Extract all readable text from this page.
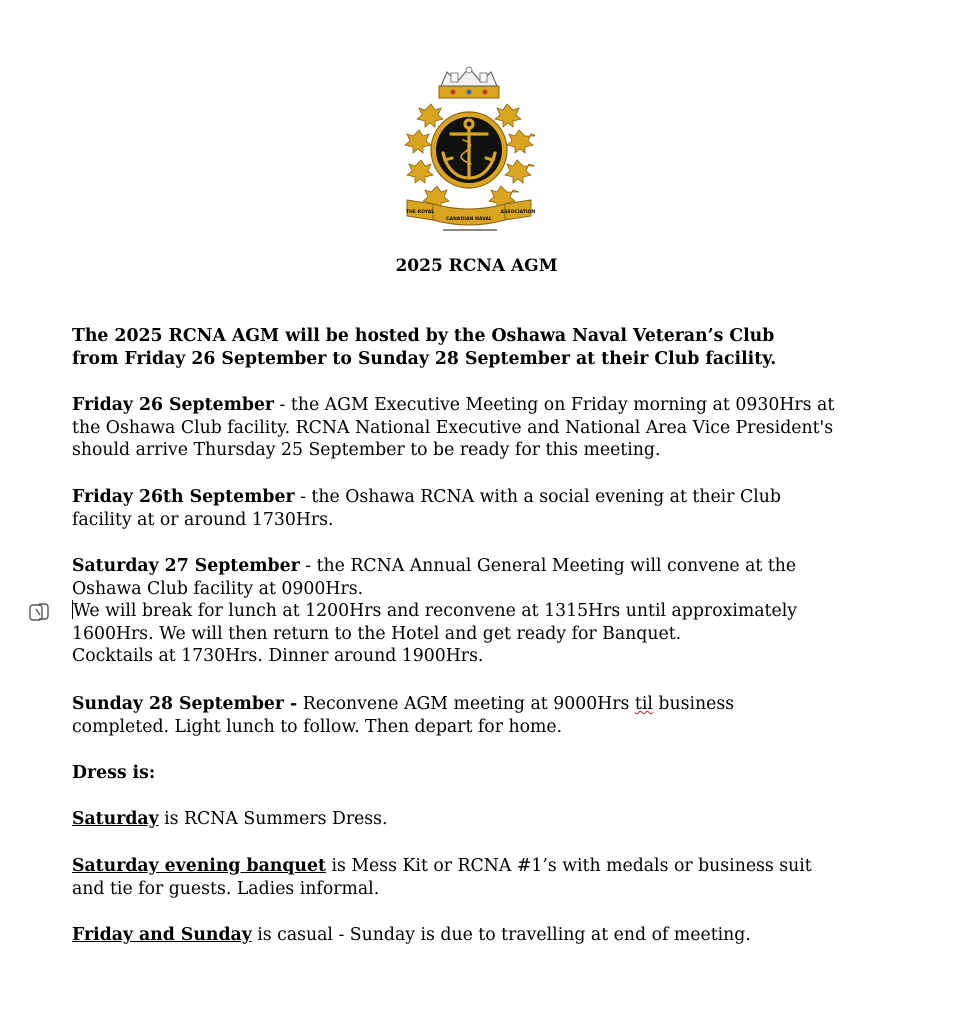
THE ROYAL
CANADIAN NAVAL
ASSOCIATION
2025 RCNA AGM
The 2025 RCNA AGM will be hosted by the Oshawa Naval Veteran’s Club
from Friday 26 September to Sunday 28 September at their Club facility.
Friday 26 September - the AGM Executive Meeting on Friday morning at 0930Hrs at
the Oshawa Club facility. RCNA National Executive and National Area Vice President's
should arrive Thursday 25 September to be ready for this meeting.
Friday 26th September - the Oshawa RCNA with a social evening at their Club
facility at or around 1730Hrs.
Saturday 27 September - the RCNA Annual General Meeting will convene at the
Oshawa Club facility at 0900Hrs.
We will break for lunch at 1200Hrs and reconvene at 1315Hrs until approximately
1600Hrs. We will then return to the Hotel and get ready for Banquet.
Cocktails at 1730Hrs. Dinner around 1900Hrs.
Sunday 28 September - Reconvene AGM meeting at 9000Hrs til business
completed. Light lunch to follow. Then depart for home.
Dress is:
Saturday is RCNA Summers Dress.
Saturday evening banquet is Mess Kit or RCNA #1’s with medals or business suit
and tie for guests. Ladies informal.
Friday and Sunday is casual - Sunday is due to travelling at end of meeting.
